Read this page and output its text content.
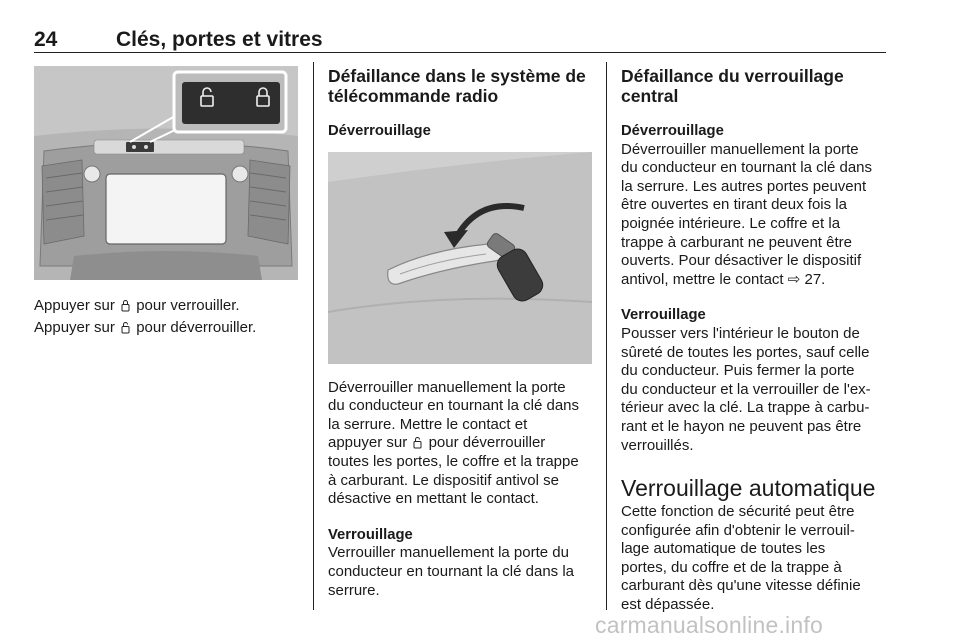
24	Clés, portes et vitres
Appuyer sur pour verrouiller.
Appuyer sur pour déverrouiller.
Défaillance dans le système de télécommande radio
Déverrouillage
Déverrouiller manuellement la porte
du conducteur en tournant la clé dans
la serrure. Mettre le contact et
appuyer sur pour déverrouiller
toutes les portes, le coffre et la trappe
à carburant. Le dispositif antivol se
désactive en mettant le contact.
Verrouillage
Verrouiller manuellement la porte du
conducteur en tournant la clé dans la
serrure.
Défaillance du verrouillage
central
Déverrouillage
Déverrouiller manuellement la porte
du conducteur en tournant la clé dans
la serrure. Les autres portes peuvent
être ouvertes en tirant deux fois la
poignée intérieure. Le coffre et la
trappe à carburant ne peuvent être
ouverts. Pour désactiver le dispositif
antivol, mettre le contact ⇨ 27.
Verrouillage
Pousser vers l'intérieur le bouton de
sûreté de toutes les portes, sauf celle
du conducteur. Puis fermer la porte
du conducteur et la verrouiller de l'ex-
térieur avec la clé. La trappe à carbu-
rant et le hayon ne peuvent pas être
verrouillés.
Verrouillage automatique
Cette fonction de sécurité peut être
configurée afin d'obtenir le verrouil-
lage automatique de toutes les
portes, du coffre et de la trappe à
carburant dès qu'une vitesse définie
est dépassée.
carmanualsonline.info
